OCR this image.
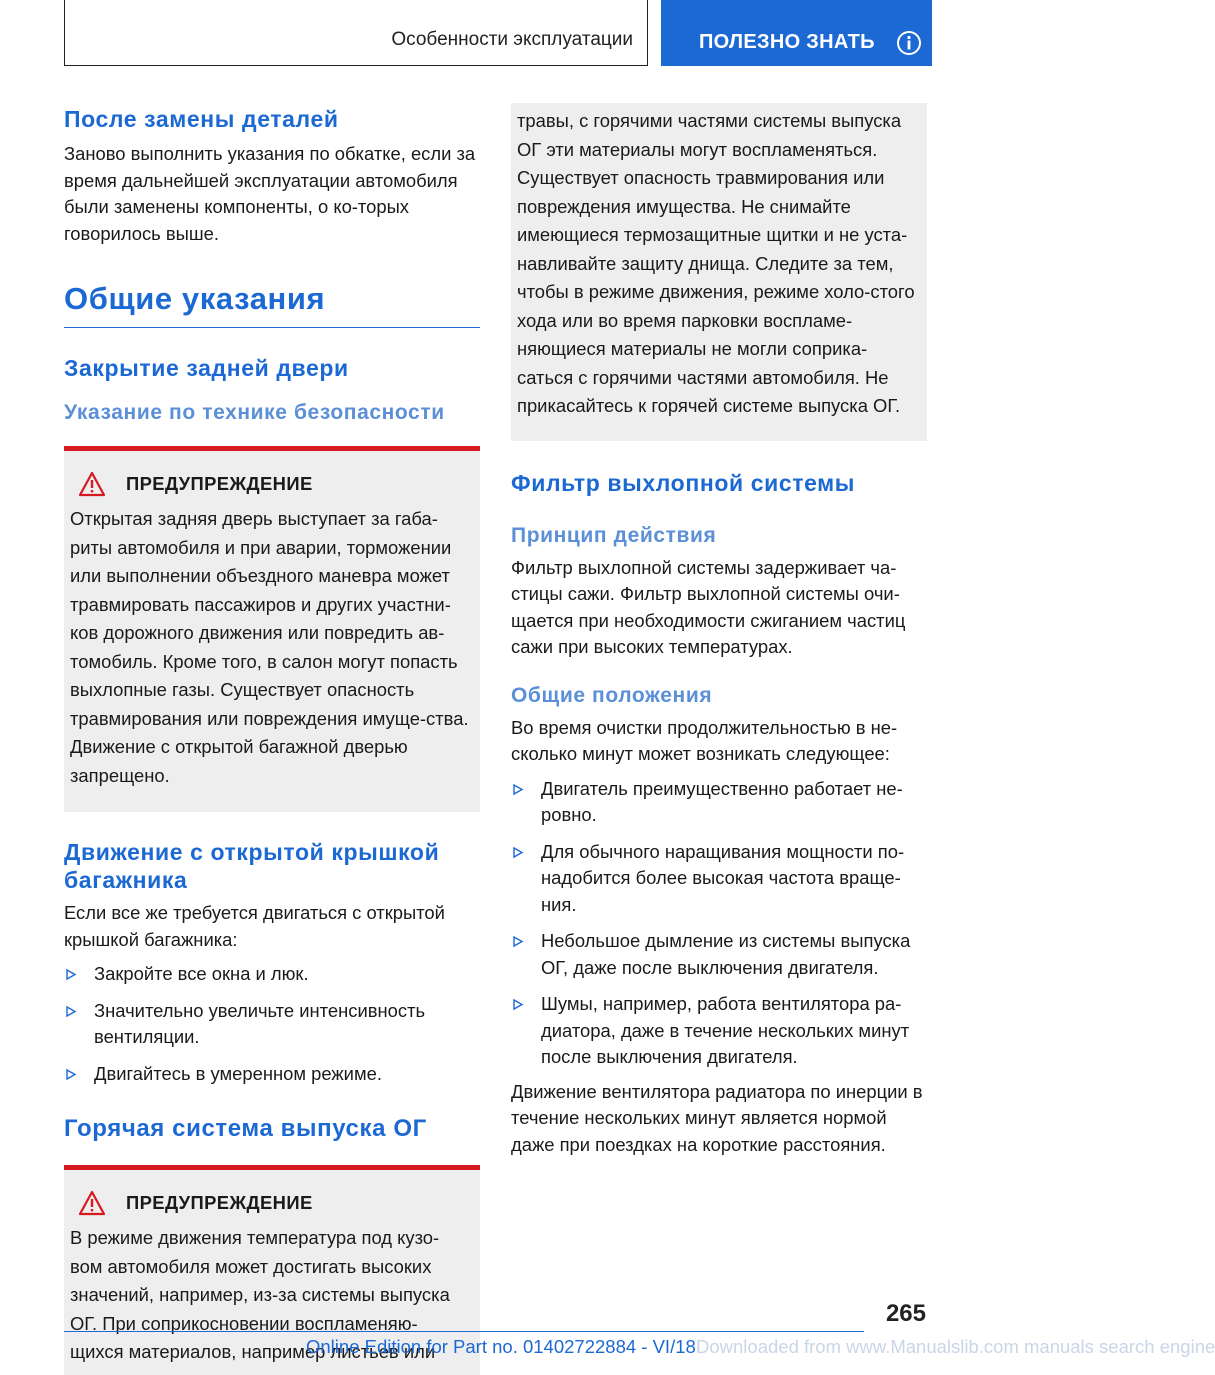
Особенности эксплуатации	ПОЛЕЗНО ЗНАТЬ
После замены деталей

Заново выполнить указания по обкатке, если за время дальнейшей эксплуатации автомобиля были заменены компоненты, о ко-торых говорилось выше.

Общие указания
Закрытие задней двери
Указание по технике безопасности
ПРЕДУПРЕЖДЕНИЕ

Открытая задняя дверь выступает за габа-риты автомобиля и при аварии, торможении или выполнении объездного маневра может травмировать пассажиров и других участни-ков дорожного движения или повредить ав-томобиль. Кроме того, в салон могут попасть выхлопные газы. Существует опасность травмирования или повреждения имуще-ства. Движение с открытой багажной дверью запрещено.

Движение с открытой крышкой багажника

Если все же требуется двигаться с открытой крышкой багажника:

Закройте все окна и люк.
Значительно увеличьте интенсивность вентиляции.
Двигайтесь в умеренном режиме.
Горячая система выпуска ОГ
ПРЕДУПРЕЖДЕНИЕ

В режиме движения температура под кузо-вом автомобиля может достигать высоких значений, например, из-за системы выпуска ОГ. При соприкосновении воспламеняю-щихся материалов, например листьев или

травы, с горячими частями системы выпуска ОГ эти материалы могут воспламеняться. Существует опасность травмирования или повреждения имущества. Не снимайте имеющиеся термозащитные щитки и не уста-навливайте защиту днища. Следите за тем, чтобы в режиме движения, режиме холо-стого хода или во время парковки воспламе-няющиеся материалы не могли соприка-саться с горячими частями автомобиля. Не прикасайтесь к горячей системе выпуска ОГ.

Фильтр выхлопной системы
Принцип действия

Фильтр выхлопной системы задерживает ча-стицы сажи. Фильтр выхлопной системы очи-щается при необходимости сжиганием частиц сажи при высоких температурах.

Общие положения

Во время очистки продолжительностью в не-сколько минут может возникать следующее:

Двигатель преимущественно работает не-ровно.
Для обычного наращивания мощности по-надобится более высокая частота враще-ния.
Небольшое дымление из системы выпуска ОГ, даже после выключения двигателя.
Шумы, например, работа вентилятора ра-диатора, даже в течение нескольких минут после выключения двигателя.

Движение вентилятора радиатора по инерции в течение нескольких минут является нормой даже при поездках на короткие расстояния.

265
Online Edition for Part no. 01402722884 - VI/18 Downloaded from www.Manualslib.com manuals search engine
